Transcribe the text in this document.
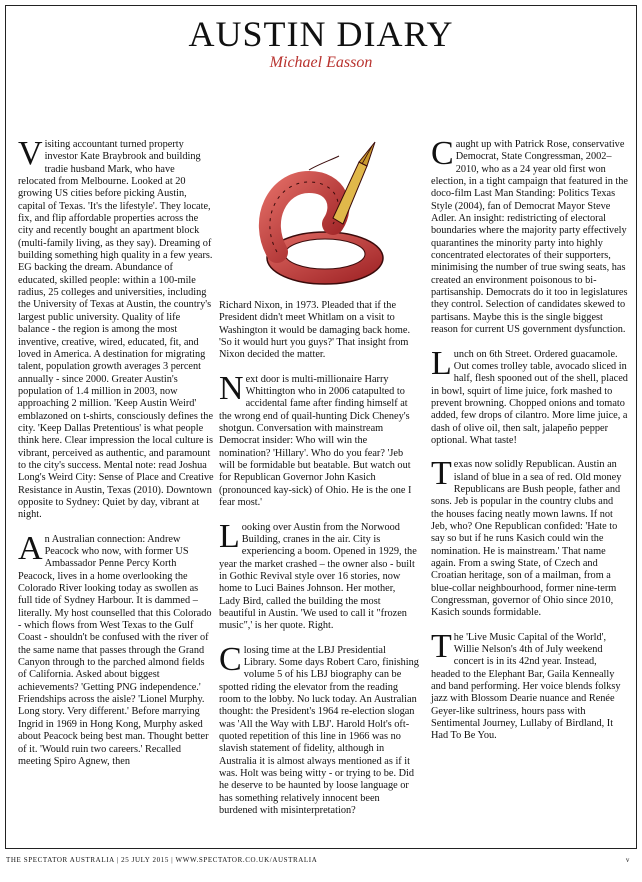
AUSTIN DIARY
Michael Easson

Visiting accountant turned property investor Kate Braybrook and building tradie husband Mark, who have relocated from Melbourne. Looked at 20 growing US cities before picking Austin, capital of Texas. 'It's the lifestyle'. They locate, fix, and flip affordable properties across the city and recently bought an apartment block (multi-family living, as they say). Dreaming of building something high quality in a few years. EG backing the dream. Abundance of educated, skilled people: within a 100-mile radius, 25 colleges and universities, including the University of Texas at Austin, the country's largest public university. Quality of life balance - the region is among the most inventive, creative, wired, educated, fit, and loved in America. A destination for migrating talent, population growth averages 3 percent annually - since 2000. Greater Austin's population of 1.4 million in 2003, now approaching 2 million. 'Keep Austin Weird' emblazoned on t-shirts, consciously defines the city. 'Keep Dallas Pretentious' is what people think here. Clear impression the local culture is vibrant, perceived as authentic, and paramount to the city's success. Mental note: read Joshua Long's Weird City: Sense of Place and Creative Resistance in Austin, Texas (2010). Downtown opposite to Sydney: Quiet by day, vibrant at night.

An Australian connection: Andrew Peacock who now, with former US Ambassador Penne Percy Korth Peacock, lives in a home overlooking the Colorado River looking today as swollen as full tide of Sydney Harbour. It is dammed – literally. My host counselled that this Colorado - which flows from West Texas to the Gulf Coast - shouldn't be confused with the river of the same name that passes through the Grand Canyon through to the parched almond fields of California. Asked about biggest achievements? 'Getting PNG independence.' Friendships across the aisle? 'Lionel Murphy. Long story. Very different.' Before marrying Ingrid in 1969 in Hong Kong, Murphy asked about Peacock being best man. Thought better of it. 'Would ruin two careers.' Recalled meeting Spiro Agnew, then

Richard Nixon, in 1973. Pleaded that if the President didn't meet Whitlam on a visit to Washington it would be damaging back home. 'So it would hurt you guys?' That insight from Nixon decided the matter.

Next door is multi-millionaire Harry Whittington who in 2006 catapulted to accidental fame after finding himself at the wrong end of quail-hunting Dick Cheney's shotgun. Conversation with mainstream Democrat insider: Who will win the nomination? 'Hillary'. Who do you fear? 'Jeb will be formidable but beatable. But watch out for Republican Governor John Kasich (pronounced kay-sick) of Ohio. He is the one I fear most.'

Looking over Austin from the Norwood Building, cranes in the air. City is experiencing a boom. Opened in 1929, the year the market crashed – the owner also - built in Gothic Revival style over 16 stories, now home to Luci Baines Johnson. Her mother, Lady Bird, called the building the most beautiful in Austin. 'We used to call it "frozen music",' is her quote. Right.

Closing time at the LBJ Presidential Library. Some days Robert Caro, finishing volume 5 of his LBJ biography can be spotted riding the elevator from the reading room to the lobby. No luck today. An Australian thought: the President's 1964 re-election slogan was 'All the Way with LBJ'. Harold Holt's oft-quoted repetition of this line in 1966 was no slavish statement of fidelity, although in Australia it is almost always mentioned as if it was. Holt was being witty - or trying to be. Did he deserve to be haunted by loose language or has something relatively innocent been burdened with misinterpretation?

Caught up with Patrick Rose, conservative Democrat, State Congressman, 2002–2010, who as a 24 year old first won election, in a tight campaign that featured in the doco-film Last Man Standing: Politics Texas Style (2004), fan of Democrat Mayor Steve Adler. An insight: redistricting of electoral boundaries where the majority party effectively quarantines the minority party into highly concentrated electorates of their supporters, minimising the number of true swing seats, has created an environment poisonous to bi-partisanship. Democrats do it too in legislatures they control. Selection of candidates skewed to partisans. Maybe this is the single biggest reason for current US government dysfunction.

Lunch on 6th Street. Ordered guacamole. Out comes trolley table, avocado sliced in half, flesh spooned out of the shell, placed in bowl, squirt of lime juice, fork mashed to prevent browning. Chopped onions and tomato added, few drops of cilantro. More lime juice, a dash of olive oil, then salt, jalapeño pepper optional. What taste!

Texas now solidly Republican. Austin an island of blue in a sea of red. Old money Republicans are Bush people, father and sons. Jeb is popular in the country clubs and the houses facing neatly mown lawns. If not Jeb, who? One Republican confided: 'Hate to say so but if he runs Kasich could win the nomination. He is mainstream.' That name again. From a swing State, of Czech and Croatian heritage, son of a mailman, from a blue-collar neighbourhood, former nine-term Congressman, governor of Ohio since 2010, Kasich sounds formidable.

The 'Live Music Capital of the World', Willie Nelson's 4th of July weekend concert is in its 42nd year. Instead, headed to the Elephant Bar, Gaila Kenneally and band performing. Her voice blends folksy jazz with Blossom Dearie nuance and Renée Geyer-like sultriness, hours pass with Sentimental Journey, Lullaby of Birdland, It Had To Be You.

THE SPECTATOR AUSTRALIA | 25 JULY 2015 | WWW.SPECTATOR.CO.UK/AUSTRALIA	v
